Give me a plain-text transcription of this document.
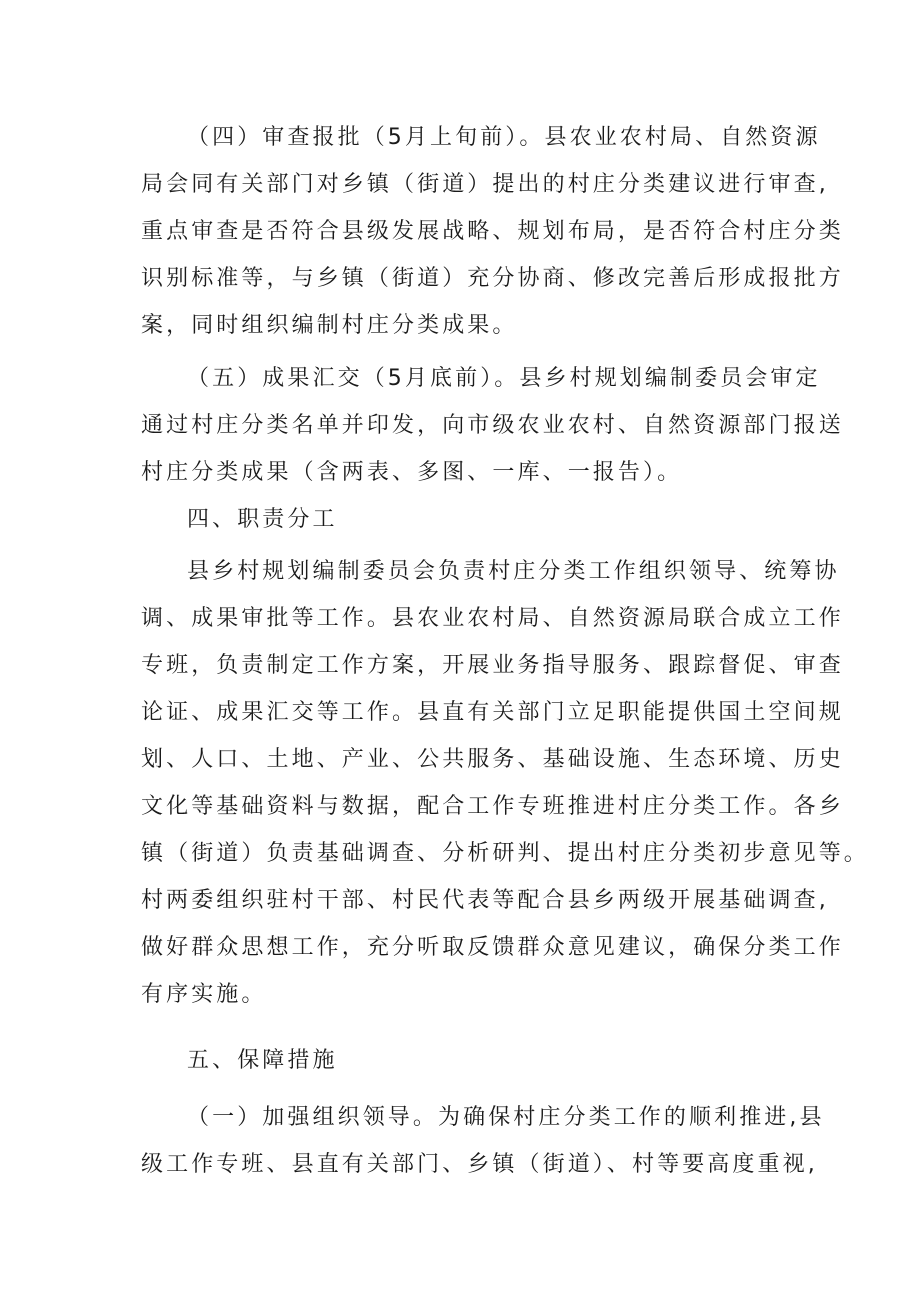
（四）审查报批（5月上旬前）。县农业农村局、自然资源
局会同有关部门对乡镇（街道）提出的村庄分类建议进行审查,
重点审查是否符合县级发展战略、规划布局，是否符合村庄分类
识别标准等，与乡镇（街道）充分协商、修改完善后形成报批方
案，同时组织编制村庄分类成果。
（五）成果汇交（5月底前）。县乡村规划编制委员会审定
通过村庄分类名单并印发，向市级农业农村、自然资源部门报送
村庄分类成果（含两表、多图、一库、一报告）。
四、职责分工
县乡村规划编制委员会负责村庄分类工作组织领导、统筹协
调、成果审批等工作。县农业农村局、自然资源局联合成立工作
专班，负责制定工作方案，开展业务指导服务、跟踪督促、审查
论证、成果汇交等工作。县直有关部门立足职能提供国土空间规
划、人口、土地、产业、公共服务、基础设施、生态环境、历史
文化等基础资料与数据，配合工作专班推进村庄分类工作。各乡
镇（街道）负责基础调查、分析研判、提出村庄分类初步意见等。
村两委组织驻村干部、村民代表等配合县乡两级开展基础调查,
做好群众思想工作，充分听取反馈群众意见建议，确保分类工作
有序实施。
五、保障措施
（一）加强组织领导。为确保村庄分类工作的顺利推进,县
级工作专班、县直有关部门、乡镇（街道）、村等要高度重视,
